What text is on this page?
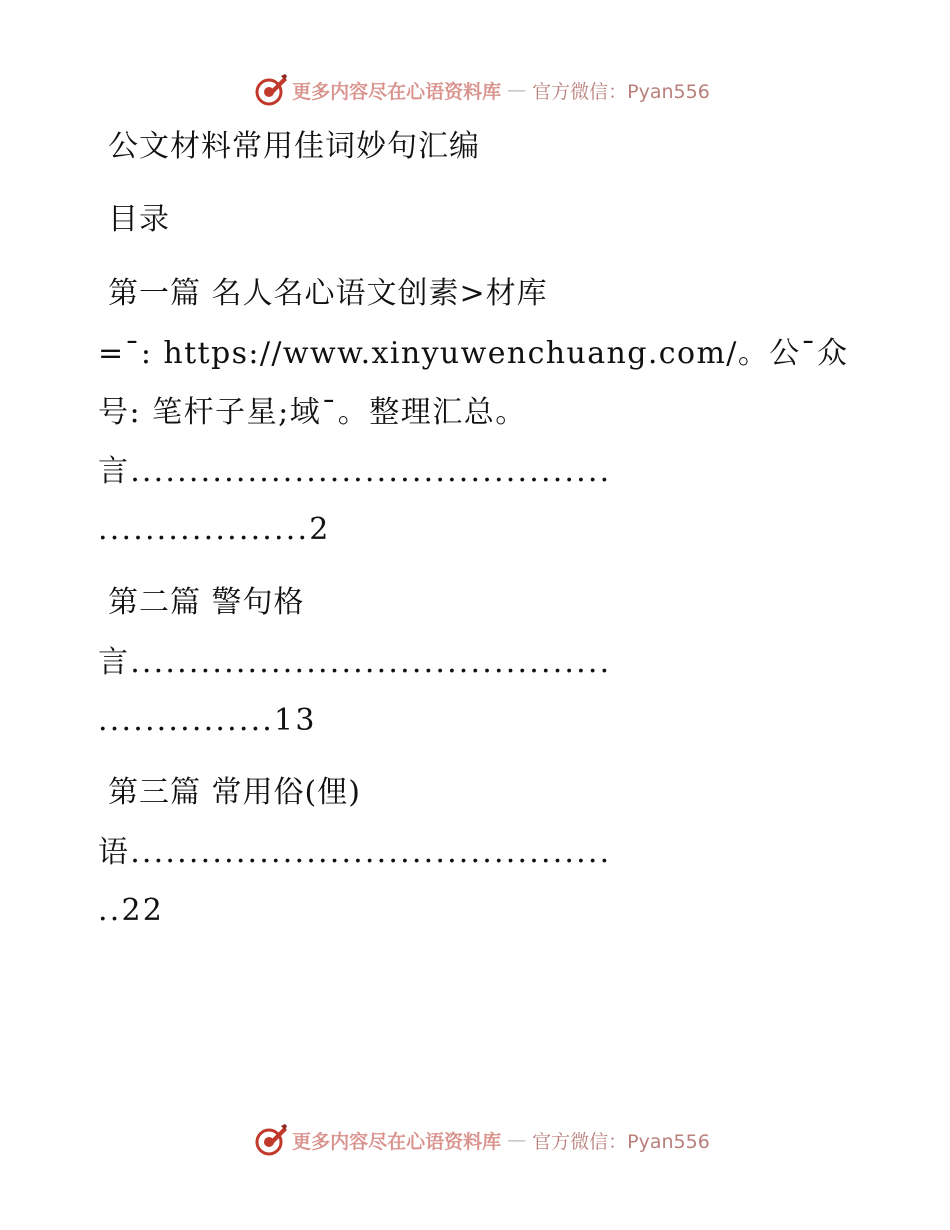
更多内容尽在心语资料库 — 官方微信：Pyan556
公文材料常用佳词妙句汇编
目录
第一篇 名人名心语文创素>材库
=¯: https://www.xinyuwenchuang.com/。公¯众
号: 笔杆子星;域¯。整理汇总。
言.........................................
..................2
第二篇 警句格
言.........................................
...............13
第三篇 常用俗(俚)
语.........................................
..22
更多内容尽在心语资料库 — 官方微信：Pyan556
